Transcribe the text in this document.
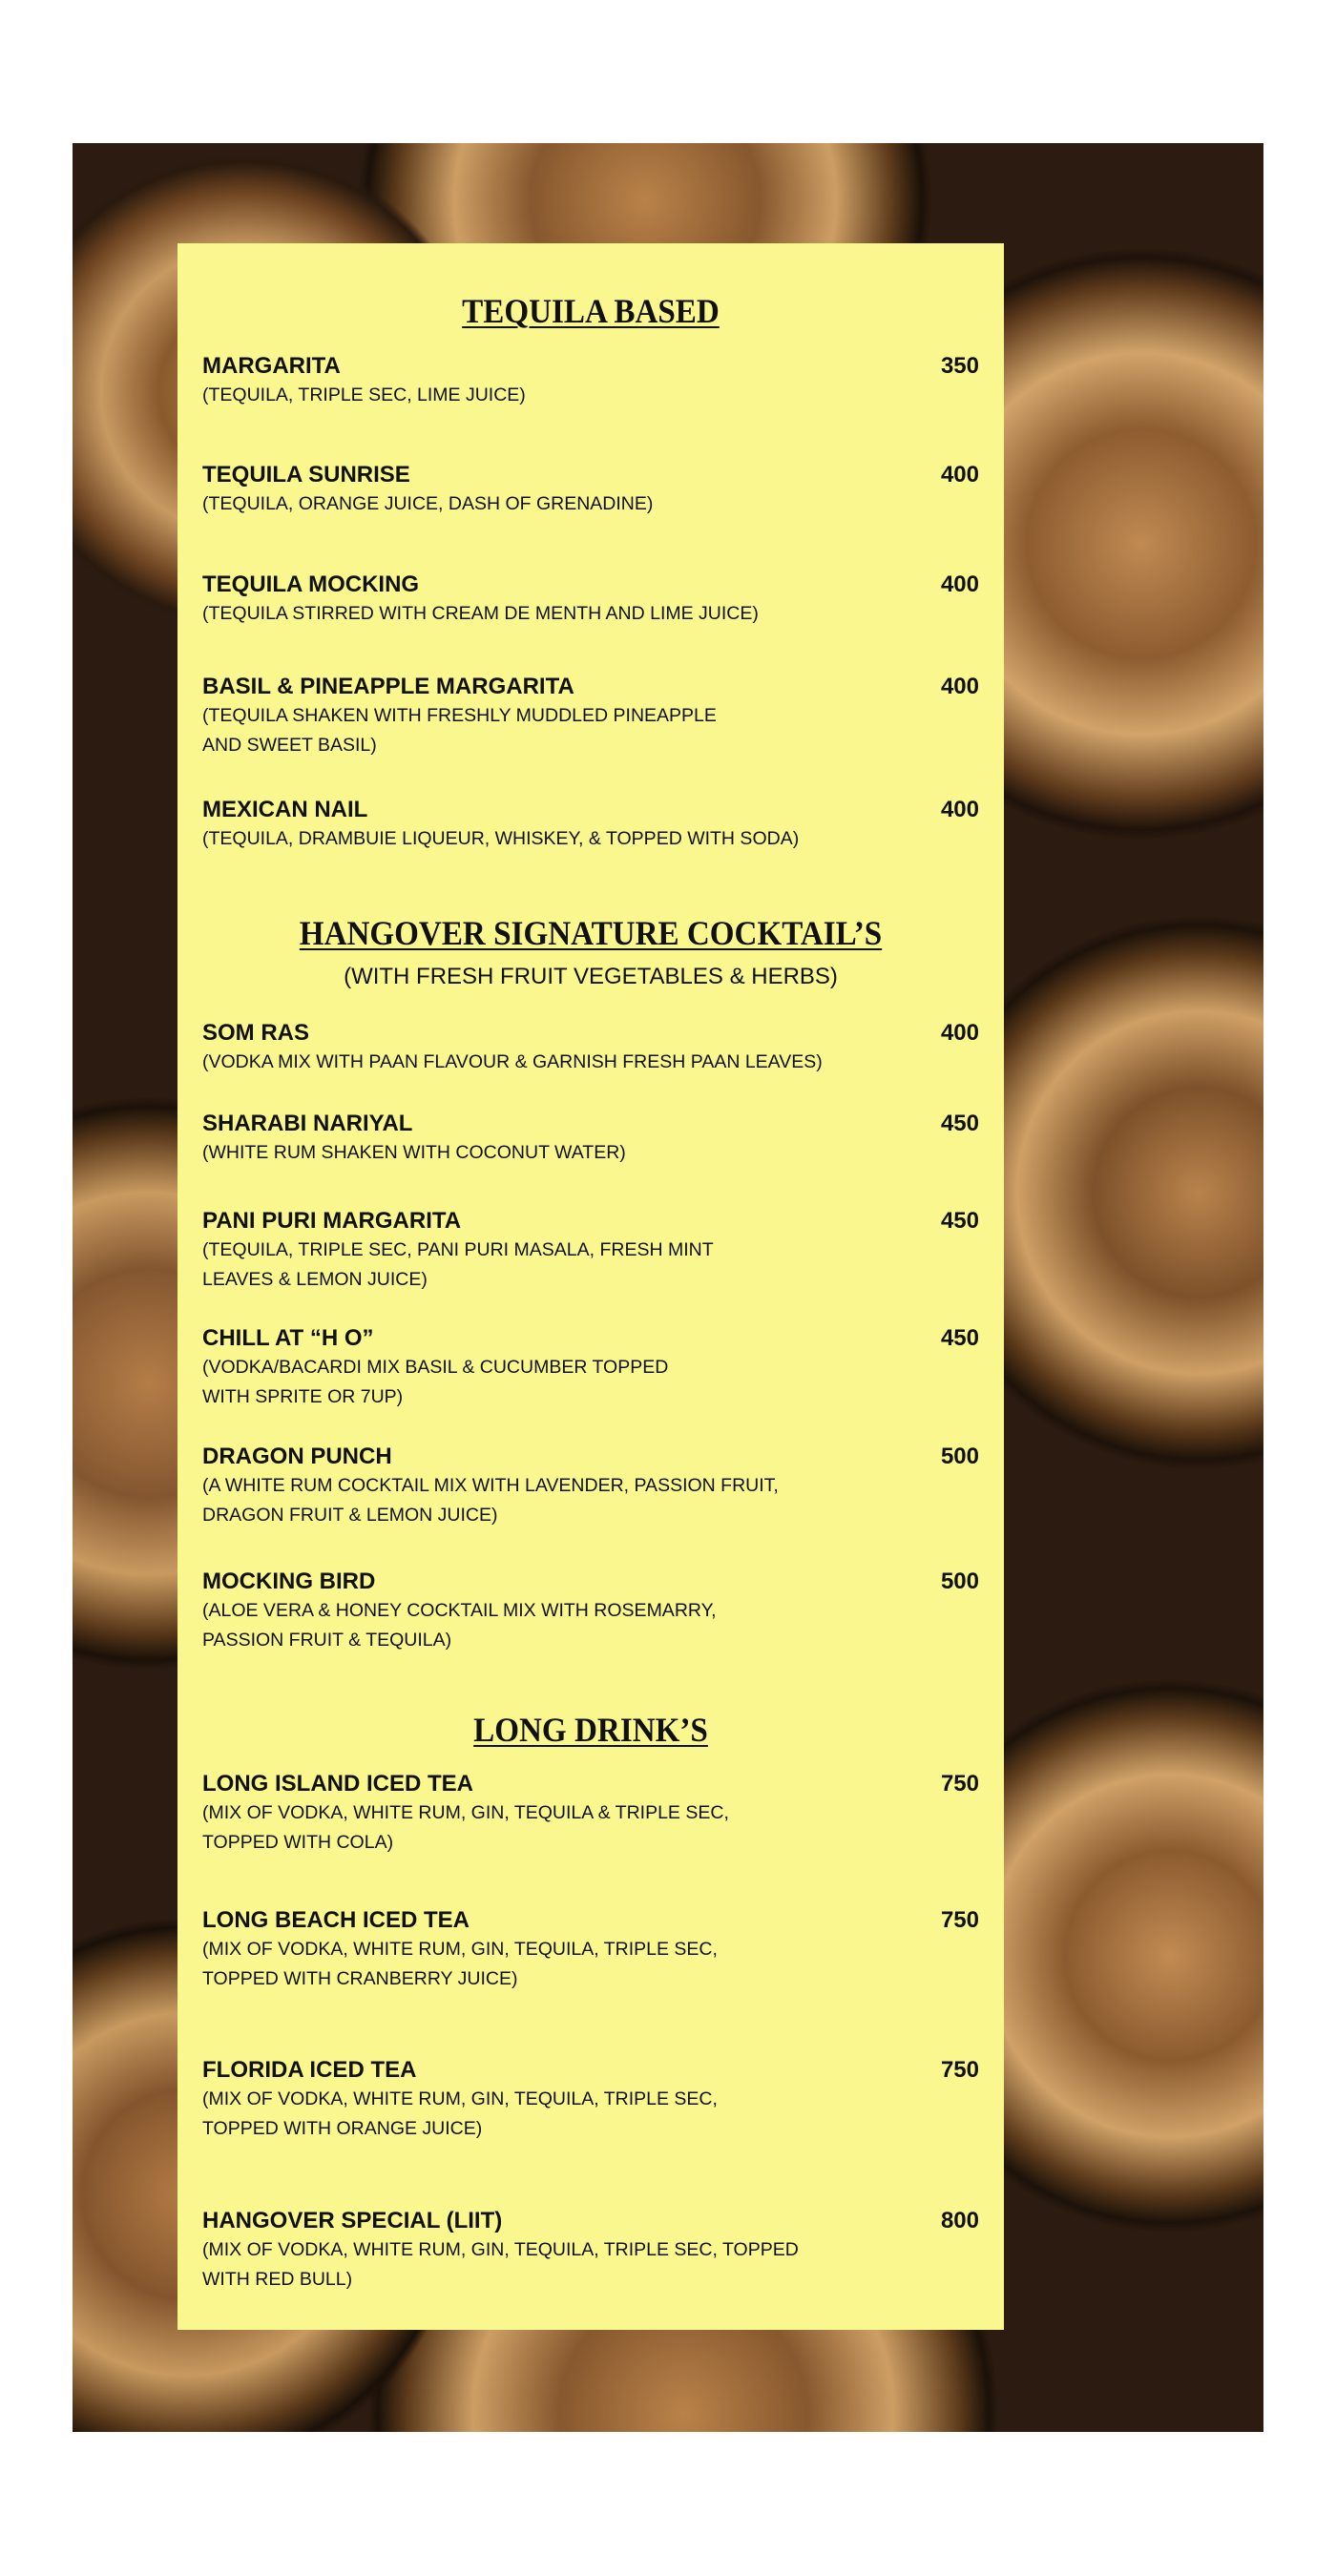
TEQUILA BASED
MARGARITA	350
(TEQUILA, TRIPLE SEC, LIME JUICE)
TEQUILA SUNRISE	400
(TEQUILA, ORANGE JUICE, DASH OF GRENADINE)
TEQUILA MOCKING	400
(TEQUILA STIRRED WITH CREAM DE MENTH AND LIME JUICE)
BASIL & PINEAPPLE MARGARITA	400
(TEQUILA SHAKEN WITH FRESHLY MUDDLED PINEAPPLE
AND SWEET BASIL)
MEXICAN NAIL	400
(TEQUILA, DRAMBUIE LIQUEUR, WHISKEY, & TOPPED WITH SODA)
HANGOVER SIGNATURE COCKTAIL’S
(WITH FRESH FRUIT VEGETABLES & HERBS)
SOM RAS	400
(VODKA MIX WITH PAAN FLAVOUR & GARNISH FRESH PAAN LEAVES)
SHARABI NARIYAL	450
(WHITE RUM SHAKEN WITH COCONUT WATER)
PANI PURI MARGARITA	450
(TEQUILA, TRIPLE SEC, PANI PURI MASALA, FRESH MINT
LEAVES & LEMON JUICE)
CHILL AT “H O”	450
(VODKA/BACARDI MIX BASIL & CUCUMBER TOPPED
WITH SPRITE OR 7UP)
DRAGON PUNCH	500
(A WHITE RUM COCKTAIL MIX WITH LAVENDER, PASSION FRUIT,
DRAGON FRUIT & LEMON JUICE)
MOCKING BIRD	500
(ALOE VERA & HONEY COCKTAIL MIX WITH ROSEMARRY,
PASSION FRUIT & TEQUILA)
LONG DRINK’S
LONG ISLAND ICED TEA	750
(MIX OF VODKA, WHITE RUM, GIN, TEQUILA & TRIPLE SEC,
TOPPED WITH COLA)
LONG BEACH ICED TEA	750
(MIX OF VODKA, WHITE RUM, GIN, TEQUILA, TRIPLE SEC,
TOPPED WITH CRANBERRY JUICE)
FLORIDA ICED TEA	750
(MIX OF VODKA, WHITE RUM, GIN, TEQUILA, TRIPLE SEC,
TOPPED WITH ORANGE JUICE)
HANGOVER SPECIAL (LIIT)	800
(MIX OF VODKA, WHITE RUM, GIN, TEQUILA, TRIPLE SEC, TOPPED
WITH RED BULL)
